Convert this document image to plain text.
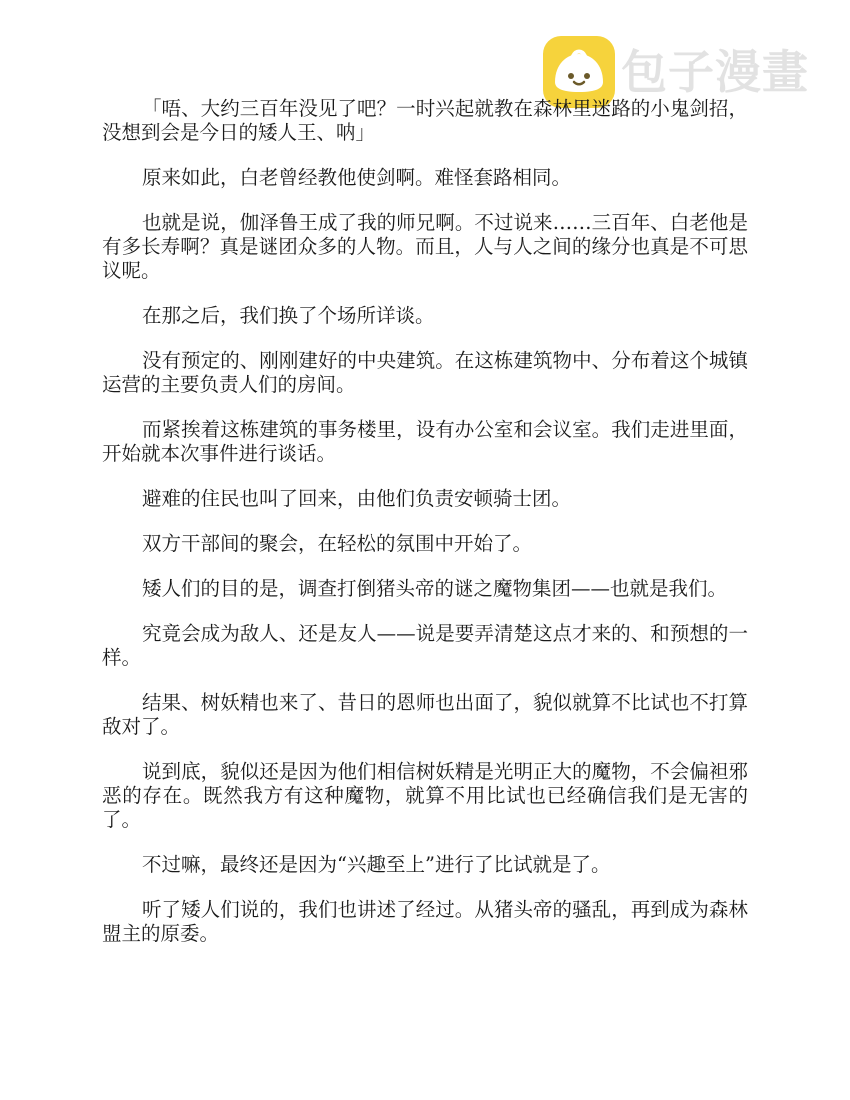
包子漫畫

「唔、大约三百年没见了吧？一时兴起就教在森林里迷路的小鬼剑招，没想到会是今日的矮人王、呐」

原来如此，白老曾经教他使剑啊。难怪套路相同。

也就是说，伽泽鲁王成了我的师兄啊。不过说来……三百年、白老他是有多长寿啊？真是谜团众多的人物。而且，人与人之间的缘分也真是不可思议呢。

在那之后，我们换了个场所详谈。

没有预定的、刚刚建好的中央建筑。在这栋建筑物中、分布着这个城镇运营的主要负责人们的房间。

而紧挨着这栋建筑的事务楼里，设有办公室和会议室。我们走进里面，开始就本次事件进行谈话。

避难的住民也叫了回来，由他们负责安顿骑士团。

双方干部间的聚会，在轻松的氛围中开始了。

矮人们的目的是，调查打倒猪头帝的谜之魔物集团——也就是我们。

究竟会成为敌人、还是友人——说是要弄清楚这点才来的、和预想的一样。

结果、树妖精也来了、昔日的恩师也出面了，貌似就算不比试也不打算敌对了。

说到底，貌似还是因为他们相信树妖精是光明正大的魔物，不会偏袒邪恶的存在。既然我方有这种魔物，就算不用比试也已经确信我们是无害的了。

不过嘛，最终还是因为“兴趣至上”进行了比试就是了。

听了矮人们说的，我们也讲述了经过。从猪头帝的骚乱，再到成为森林盟主的原委。
